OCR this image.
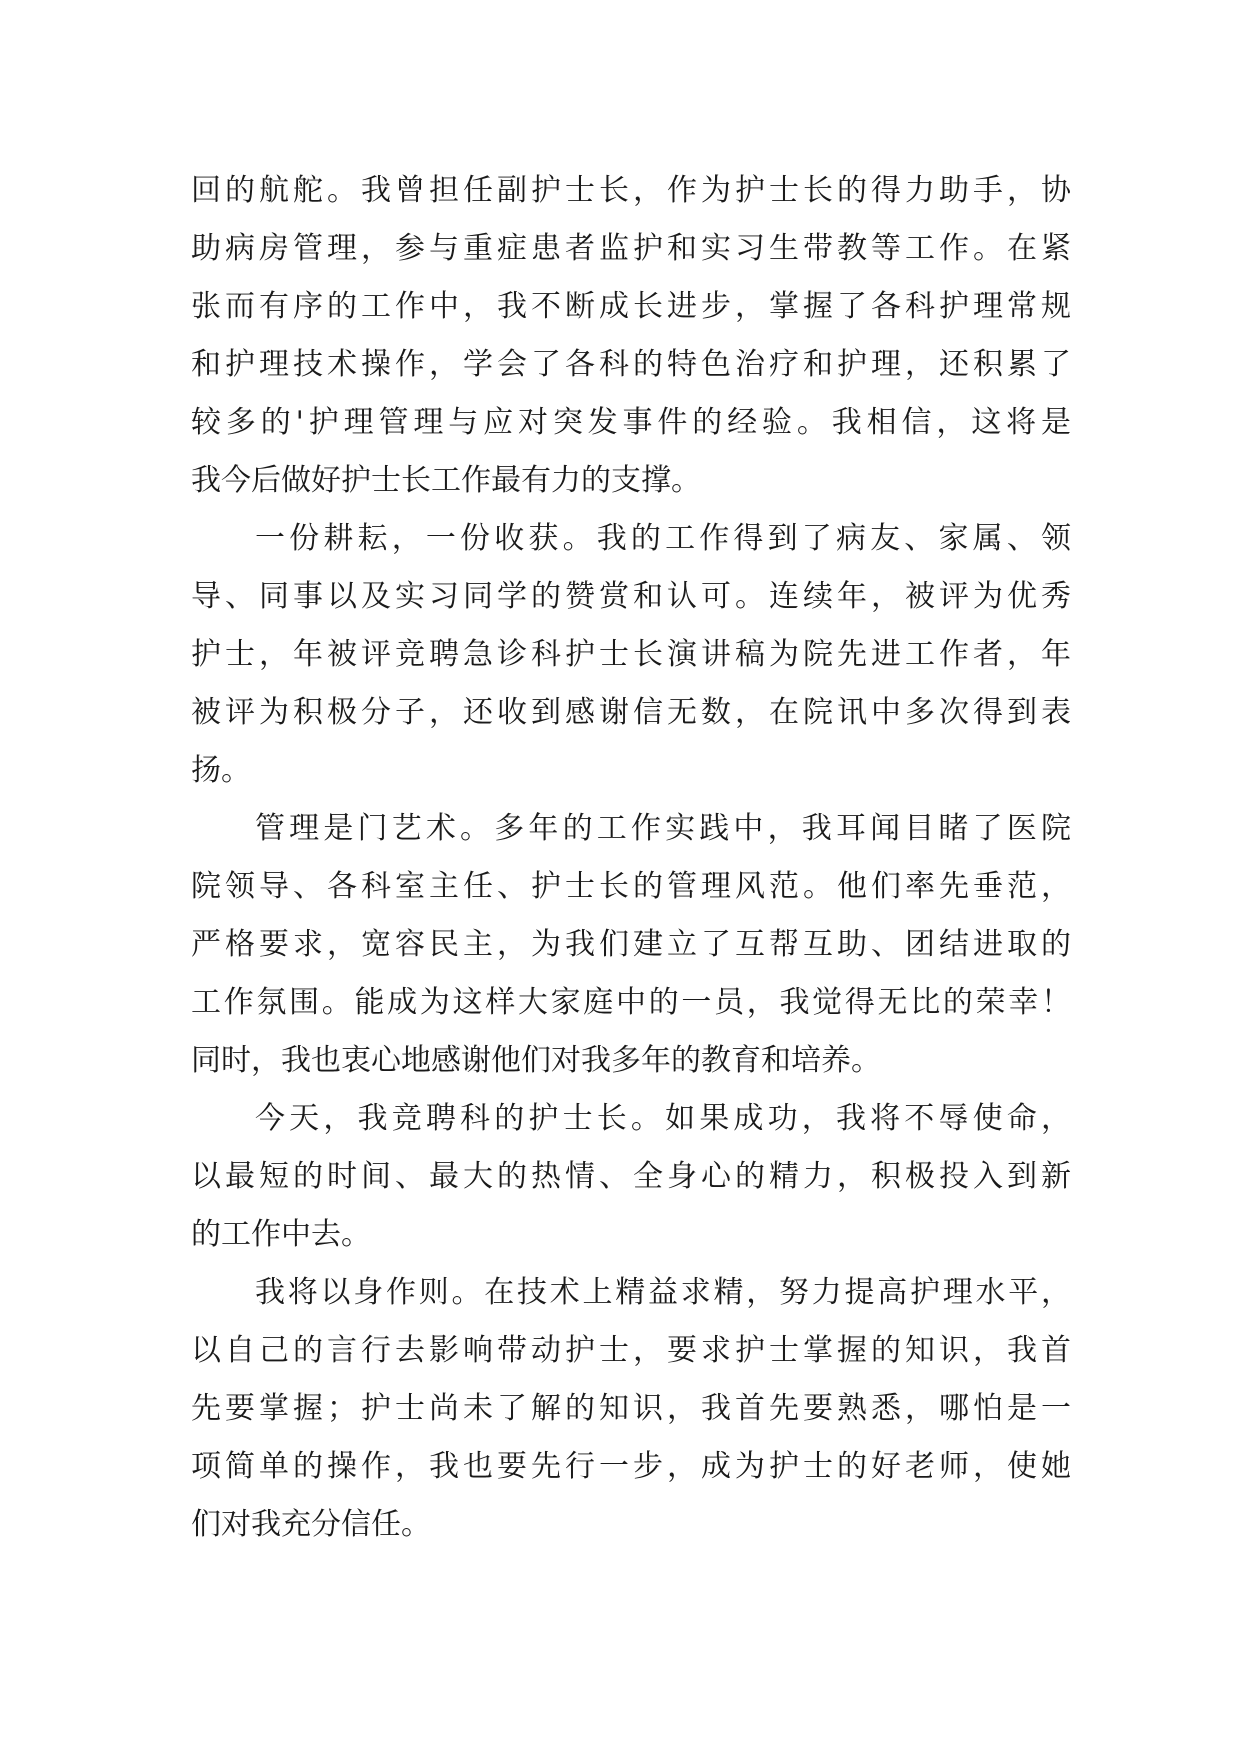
回的航舵。我曾担任副护士长，作为护士长的得力助手，协
助病房管理，参与重症患者监护和实习生带教等工作。在紧
张而有序的工作中，我不断成长进步，掌握了各科护理常规
和护理技术操作，学会了各科的特色治疗和护理，还积累了
较多的'护理管理与应对突发事件的经验。我相信，这将是
我今后做好护士长工作最有力的支撑。
一份耕耘，一份收获。我的工作得到了病友、家属、领
导、同事以及实习同学的赞赏和认可。连续年，被评为优秀
护士，年被评竞聘急诊科护士长演讲稿为院先进工作者，年
被评为积极分子，还收到感谢信无数，在院讯中多次得到表
扬。
管理是门艺术。多年的工作实践中，我耳闻目睹了医院
院领导、各科室主任、护士长的管理风范。他们率先垂范，
严格要求，宽容民主，为我们建立了互帮互助、团结进取的
工作氛围。能成为这样大家庭中的一员，我觉得无比的荣幸！
同时，我也衷心地感谢他们对我多年的教育和培养。
今天，我竞聘科的护士长。如果成功，我将不辱使命，
以最短的时间、最大的热情、全身心的精力，积极投入到新
的工作中去。
我将以身作则。在技术上精益求精，努力提高护理水平，
以自己的言行去影响带动护士，要求护士掌握的知识，我首
先要掌握；护士尚未了解的知识，我首先要熟悉，哪怕是一
项简单的操作，我也要先行一步，成为护士的好老师，使她
们对我充分信任。
